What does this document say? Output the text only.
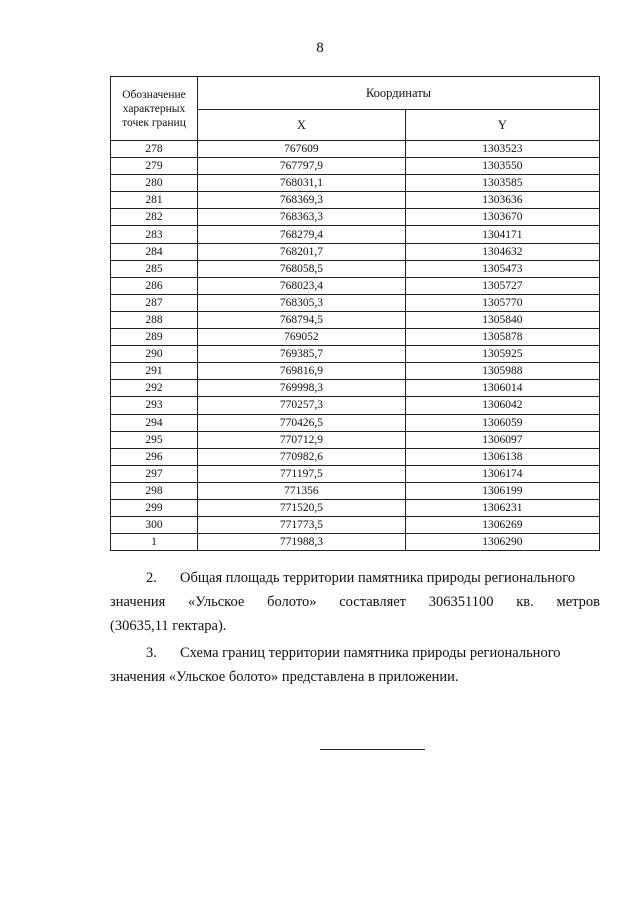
8
Обозначение характерных точек границ	Координаты	
	X	Y
278	767609	1303523
279	767797,9	1303550
280	768031,1	1303585
281	768369,3	1303636
282	768363,3	1303670
283	768279,4	1304171
284	768201,7	1304632
285	768058,5	1305473
286	768023,4	1305727
287	768305,3	1305770
288	768794,5	1305840
289	769052	1305878
290	769385,7	1305925
291	769816,9	1305988
292	769998,3	1306014
293	770257,3	1306042
294	770426,5	1306059
295	770712,9	1306097
296	770982,6	1306138
297	771197,5	1306174
298	771356	1306199
299	771520,5	1306231
300	771773,5	1306269
1	771988,3	1306290
2. Общая площадь территории памятника природы регионального
значения «Ульское болото» составляет 306351100 кв. метров
(30635,11 гектара).
3. Схема границ территории памятника природы регионального
значения «Ульское болото» представлена в приложении.
